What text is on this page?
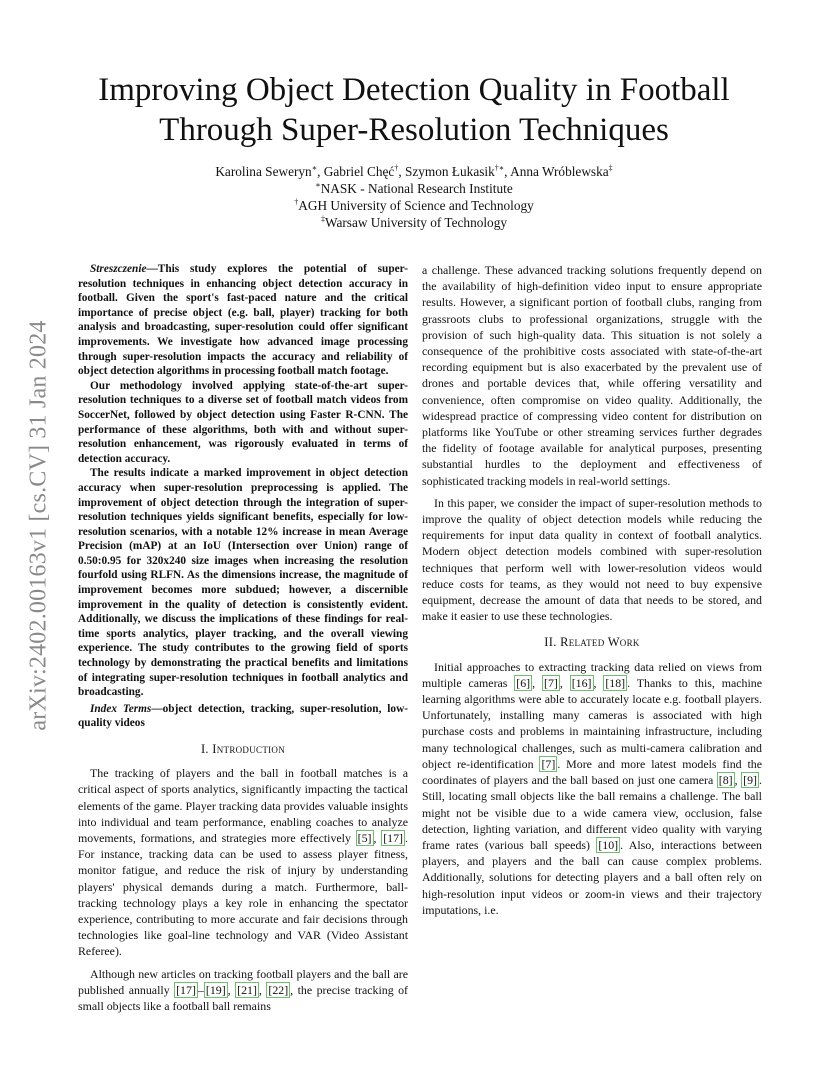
arXiv:2402.00163v1 [cs.CV] 31 Jan 2024
Improving Object Detection Quality in Football Through Super-Resolution Techniques
Karolina Seweryn∗, Gabriel Chęć†, Szymon Łukasik†∗, Anna Wróblewska‡
∗NASK - National Research Institute
†AGH University of Science and Technology
‡Warsaw University of Technology

Streszczenie—This study explores the potential of super-resolution techniques in enhancing object detection accuracy in football. Given the sport's fast-paced nature and the critical importance of precise object (e.g. ball, player) tracking for both analysis and broadcasting, super-resolution could offer significant improvements. We investigate how advanced image processing through super-resolution impacts the accuracy and reliability of object detection algorithms in processing football match footage.

Our methodology involved applying state-of-the-art super-resolution techniques to a diverse set of football match videos from SoccerNet, followed by object detection using Faster R-CNN. The performance of these algorithms, both with and without super-resolution enhancement, was rigorously evaluated in terms of detection accuracy.

The results indicate a marked improvement in object detection accuracy when super-resolution preprocessing is applied. The improvement of object detection through the integration of super-resolution techniques yields significant benefits, especially for low-resolution scenarios, with a notable 12% increase in mean Average Precision (mAP) at an IoU (Intersection over Union) range of 0.50:0.95 for 320x240 size images when increasing the resolution fourfold using RLFN. As the dimensions increase, the magnitude of improvement becomes more subdued; however, a discernible improvement in the quality of detection is consistently evident. Additionally, we discuss the implications of these findings for real-time sports analytics, player tracking, and the overall viewing experience. The study contributes to the growing field of sports technology by demonstrating the practical benefits and limitations of integrating super-resolution techniques in football analytics and broadcasting.

Index Terms—object detection, tracking, super-resolution, low-quality videos

I. Introduction

The tracking of players and the ball in football matches is a critical aspect of sports analytics, significantly impacting the tactical elements of the game. Player tracking data provides valuable insights into individual and team performance, enabling coaches to analyze movements, formations, and strategies more effectively [5] , [17] . For instance, tracking data can be used to assess player fitness, monitor fatigue, and reduce the risk of injury by understanding players' physical demands during a match. Furthermore, ball-tracking technology plays a key role in enhancing the spectator experience, contributing to more accurate and fair decisions through technologies like goal-line technology and VAR (Video Assistant Referee).

Although new articles on tracking football players and the ball are published annually [17] – [19] , [21] , [22] , the precise tracking of small objects like a football ball remains

a challenge. These advanced tracking solutions frequently depend on the availability of high-definition video input to ensure appropriate results. However, a significant portion of football clubs, ranging from grassroots clubs to professional organizations, struggle with the provision of such high-quality data. This situation is not solely a consequence of the prohibitive costs associated with state-of-the-art recording equipment but is also exacerbated by the prevalent use of drones and portable devices that, while offering versatility and convenience, often compromise on video quality. Additionally, the widespread practice of compressing video content for distribution on platforms like YouTube or other streaming services further degrades the fidelity of footage available for analytical purposes, presenting substantial hurdles to the deployment and effectiveness of sophisticated tracking models in real-world settings.

In this paper, we consider the impact of super-resolution methods to improve the quality of object detection models while reducing the requirements for input data quality in context of football analytics. Modern object detection models combined with super-resolution techniques that perform well with lower-resolution videos would reduce costs for teams, as they would not need to buy expensive equipment, decrease the amount of data that needs to be stored, and make it easier to use these technologies.

II. Related Work

Initial approaches to extracting tracking data relied on views from multiple cameras [6] , [7] , [16] , [18] . Thanks to this, machine learning algorithms were able to accurately locate e.g. football players. Unfortunately, installing many cameras is associated with high purchase costs and problems in maintaining infrastructure, including many technological challenges, such as multi-camera calibration and object re-identification [7] . More and more latest models find the coordinates of players and the ball based on just one camera [8] , [9] . Still, locating small objects like the ball remains a challenge. The ball might not be visible due to a wide camera view, occlusion, false detection, lighting variation, and different video quality with varying frame rates (various ball speeds) [10] . Also, interactions between players, and players and the ball can cause complex problems. Additionally, solutions for detecting players and a ball often rely on high-resolution input videos or zoom-in views and their trajectory imputations, i.e.
